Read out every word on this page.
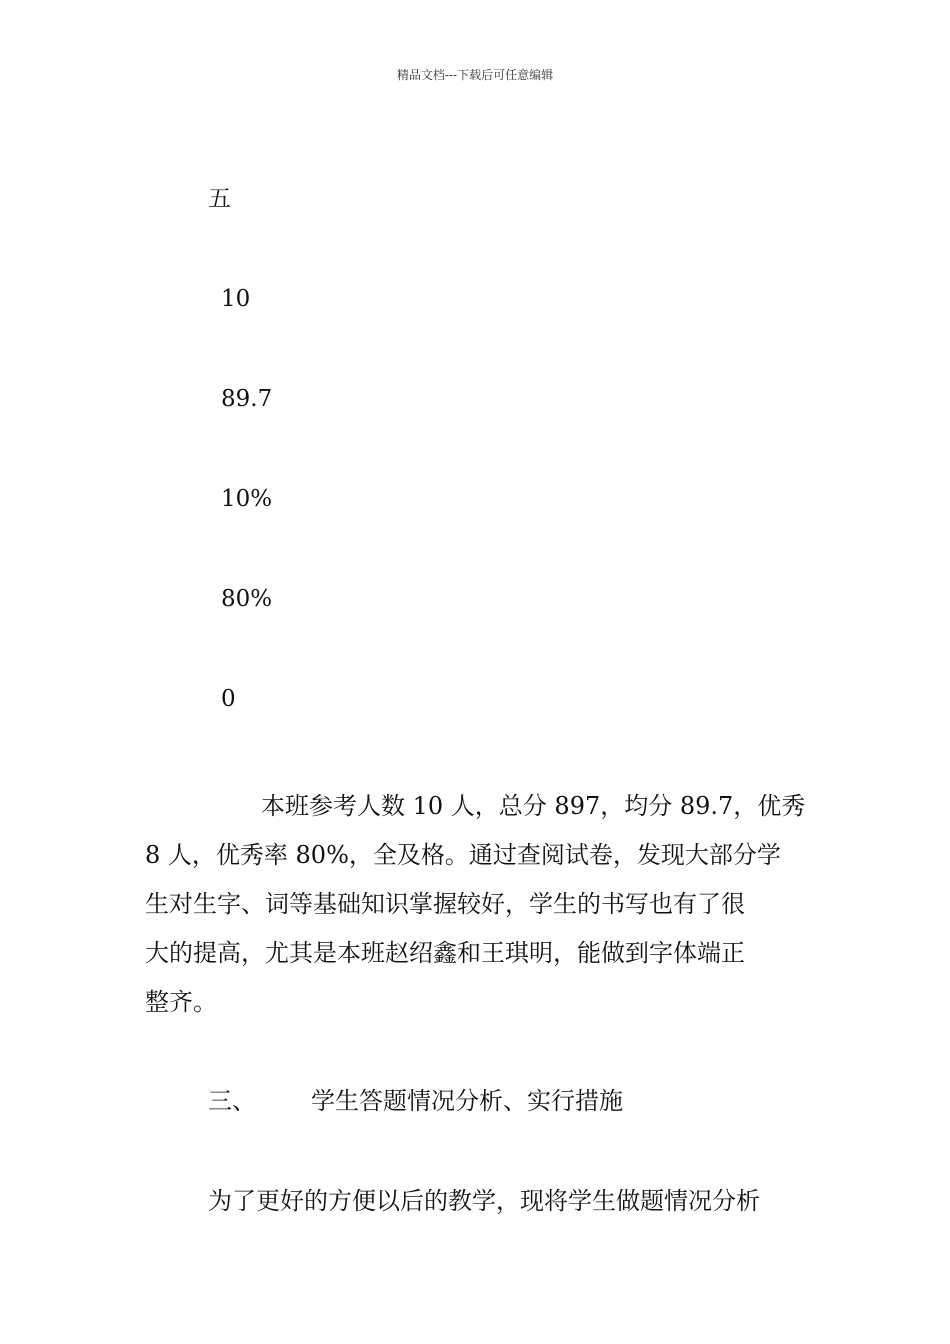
精品文档---下载后可任意编辑
五
10
89.7
10%
80%
0
本班参考人数 10 人，总分 897，均分 89.7，优秀
8 人，优秀率 80%，全及格。通过查阅试卷，发现大部分学
生对生字、词等基础知识掌握较好，学生的书写也有了很
大的提高，尤其是本班赵绍鑫和王琪明，能做到字体端正
整齐。
三、 学生答题情况分析、实行措施
为了更好的方便以后的教学，现将学生做题情况分析
